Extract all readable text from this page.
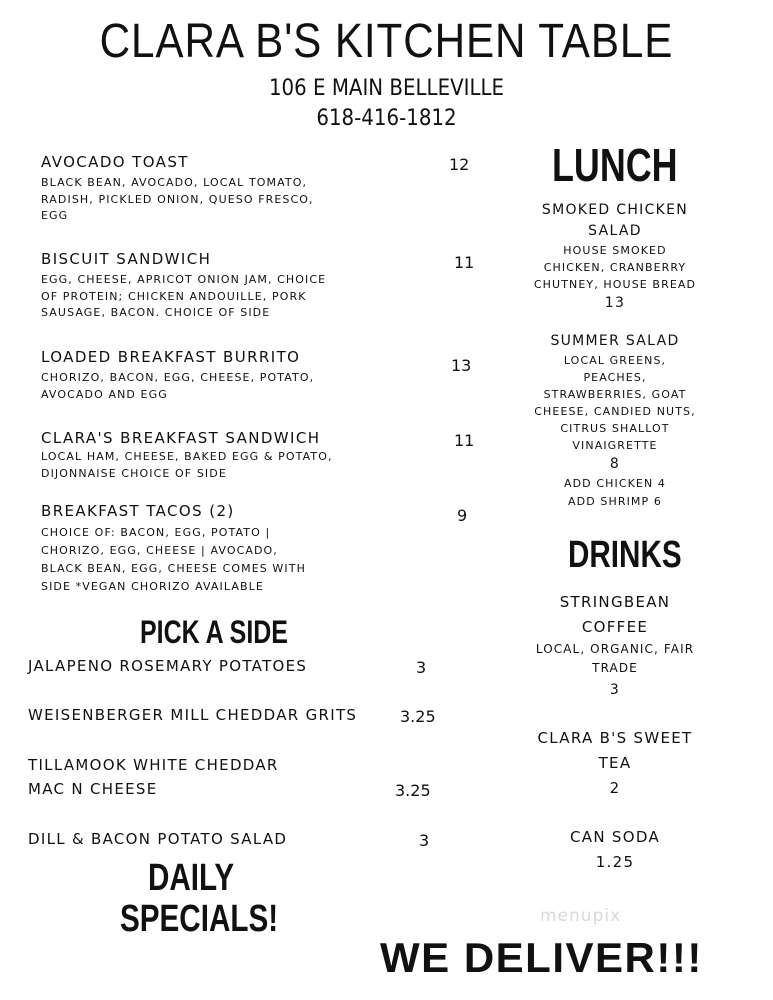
CLARA B'S KITCHEN TABLE
106 E MAIN BELLEVILLE
618-416-1812
AVOCADO TOAST
BLACK BEAN, AVOCADO, LOCAL TOMATO,
RADISH, PICKLED ONION, QUESO FRESCO,
EGG
12
BISCUIT SANDWICH
EGG, CHEESE, APRICOT ONION JAM, CHOICE
OF PROTEIN; CHICKEN ANDOUILLE, PORK
SAUSAGE, BACON. CHOICE OF SIDE
11
LOADED BREAKFAST BURRITO
CHORIZO, BACON, EGG, CHEESE, POTATO,
AVOCADO AND EGG
13
CLARA'S BREAKFAST SANDWICH
LOCAL HAM, CHEESE, BAKED EGG & POTATO,
DIJONNAISE CHOICE OF SIDE
11
BREAKFAST TACOS (2)
CHOICE OF: BACON, EGG, POTATO |
CHORIZO, EGG, CHEESE | AVOCADO,
BLACK BEAN, EGG, CHEESE COMES WITH
SIDE *VEGAN CHORIZO AVAILABLE
9
PICK A SIDE
JALAPENO ROSEMARY POTATOES	3
WEISENBERGER MILL CHEDDAR GRITS	3.25
TILLAMOOK WHITE CHEDDAR
MAC N CHEESE	3.25
DILL & BACON POTATO SALAD	3
DAILY
SPECIALS!
LUNCH
SMOKED CHICKEN
SALAD
HOUSE SMOKED
CHICKEN, CRANBERRY
CHUTNEY, HOUSE BREAD
13
SUMMER SALAD
LOCAL GREENS,
PEACHES,
STRAWBERRIES, GOAT
CHEESE, CANDIED NUTS,
CITRUS SHALLOT
VINAIGRETTE
8
ADD CHICKEN 4
ADD SHRIMP 6
DRINKS
STRINGBEAN
COFFEE
LOCAL, ORGANIC, FAIR
TRADE
3
CLARA B'S SWEET
TEA
2
CAN SODA
1.25
menupix
WE DELIVER!!!
